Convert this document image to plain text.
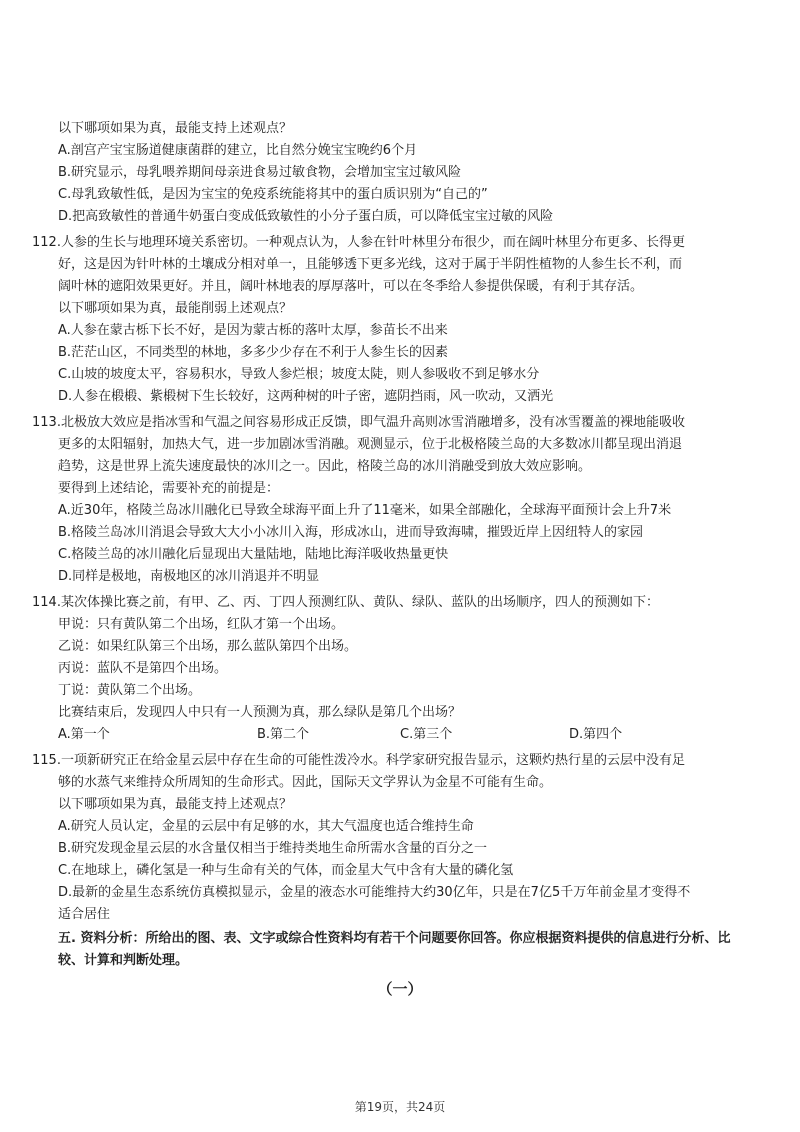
以下哪项如果为真，最能支持上述观点？

A.剖宫产宝宝肠道健康菌群的建立，比自然分娩宝宝晚约6个月

B.研究显示，母乳喂养期间母亲进食易过敏食物，会增加宝宝过敏风险

C.母乳致敏性低，是因为宝宝的免疫系统能将其中的蛋白质识别为“自己的”

D.把高致敏性的普通牛奶蛋白变成低致敏性的小分子蛋白质，可以降低宝宝过敏的风险

112.人参的生长与地理环境关系密切。一种观点认为，人参在针叶林里分布很少，而在阔叶林里分布更多、长得更

好，这是因为针叶林的土壤成分相对单一，且能够透下更多光线，这对于属于半阴性植物的人参生长不利，而

阔叶林的遮阳效果更好。并且，阔叶林地表的厚厚落叶，可以在冬季给人参提供保暖，有利于其存活。

以下哪项如果为真，最能削弱上述观点？

A.人参在蒙古栎下长不好，是因为蒙古栎的落叶太厚，参苗长不出来

B.茫茫山区，不同类型的林地，多多少少存在不利于人参生长的因素

C.山坡的坡度太平，容易积水，导致人参烂根；坡度太陡，则人参吸收不到足够水分

D.人参在椴椴、紫椴树下生长较好，这两种树的叶子密，遮阴挡雨，风一吹动，又洒光

113.北极放大效应是指冰雪和气温之间容易形成正反馈，即气温升高则冰雪消融增多，没有冰雪覆盖的裸地能吸收

更多的太阳辐射，加热大气，进一步加剧冰雪消融。观测显示，位于北极格陵兰岛的大多数冰川都呈现出消退

趋势，这是世界上流失速度最快的冰川之一。因此，格陵兰岛的冰川消融受到放大效应影响。

要得到上述结论，需要补充的前提是：

A.近30年，格陵兰岛冰川融化已导致全球海平面上升了11毫米，如果全部融化，全球海平面预计会上升7米

B.格陵兰岛冰川消退会导致大大小小冰川入海，形成冰山，进而导致海啸，摧毁近岸上因纽特人的家园

C.格陵兰岛的冰川融化后显现出大量陆地，陆地比海洋吸收热量更快

D.同样是极地，南极地区的冰川消退并不明显

114.某次体操比赛之前，有甲、乙、丙、丁四人预测红队、黄队、绿队、蓝队的出场顺序，四人的预测如下：

甲说：只有黄队第二个出场，红队才第一个出场。

乙说：如果红队第三个出场，那么蓝队第四个出场。

丙说：蓝队不是第四个出场。

丁说：黄队第二个出场。

比赛结束后，发现四人中只有一人预测为真，那么绿队是第几个出场？

A.第一个	B.第二个	C.第三个	D.第四个

115.一项新研究正在给金星云层中存在生命的可能性泼冷水。科学家研究报告显示，这颗灼热行星的云层中没有足

够的水蒸气来维持众所周知的生命形式。因此，国际天文学界认为金星不可能有生命。

以下哪项如果为真，最能支持上述观点？

A.研究人员认定，金星的云层中有足够的水，其大气温度也适合维持生命

B.研究发现金星云层的水含量仅相当于维持类地生命所需水含量的百分之一

C.在地球上，磷化氢是一种与生命有关的气体，而金星大气中含有大量的磷化氢

D.最新的金星生态系统仿真模拟显示，金星的液态水可能维持大约30亿年，只是在7亿5千万年前金星才变得不

适合居住

五. 资料分析：所给出的图、表、文字或综合性资料均有若干个问题要你回答。你应根据资料提供的信息进行分析、比较、计算和判断处理。

（一）

第19页，共24页
